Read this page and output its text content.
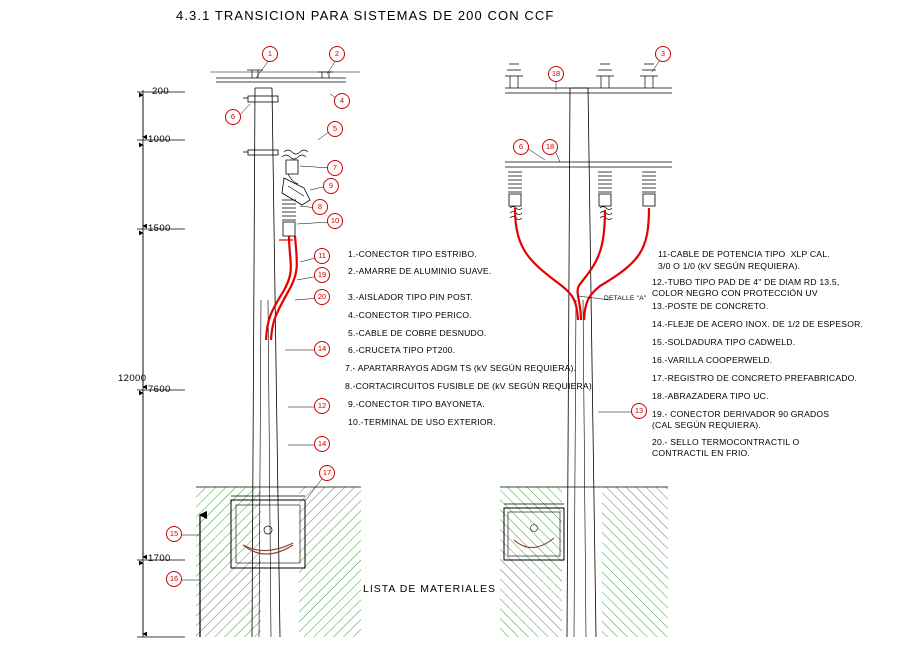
4.3.1 TRANSICION PARA SISTEMAS DE 200 CON CCF
1	2
4
6
5
7
9
8
10
11
19
20
14
12
14
17
15
16
3
18
6	18
13
200
1000
1500
12000
7600
1700
1.-CONECTOR TIPO ESTRIBO.
2.-AMARRE DE ALUMINIO SUAVE.
3.-AISLADOR TIPO PIN POST.
4.-CONECTOR TIPO PERICO.
5.-CABLE DE COBRE DESNUDO.
6.-CRUCETA TIPO PT200.
7.- APARTARRAYOS ADGM TS (kV SEGÚN REQUIERA).
8.-CORTACIRCUITOS FUSIBLE DE (kV SEGÚN REQUIERA)
9.-CONECTOR TIPO BAYONETA.
10.-TERMINAL DE USO EXTERIOR.
11-CABLE DE POTENCIA TIPO  XLP CAL.
3/0 O 1/0 (kV SEGÚN REQUIERA).
12.-TUBO TIPO PAD DE 4" DE DIAM RD 13.5,
COLOR NEGRO CON PROTECCIÓN UV
13.-POSTE DE CONCRETO.
14.-FLEJE DE ACERO INOX. DE 1/2 DE ESPESOR.
15.-SOLDADURA TIPO CADWELD.
16.-VARILLA COOPERWELD.
17.-REGISTRO DE CONCRETO PREFABRICADO.
18.-ABRAZADERA TIPO UC.
19.- CONECTOR DERIVADOR 90 GRADOS
(CAL SEGÚN REQUIERA).
20.- SELLO TERMOCONTRACTIL O
CONTRACTIL EN FRIO.
LISTA DE MATERIALES
DETALLE "A"
